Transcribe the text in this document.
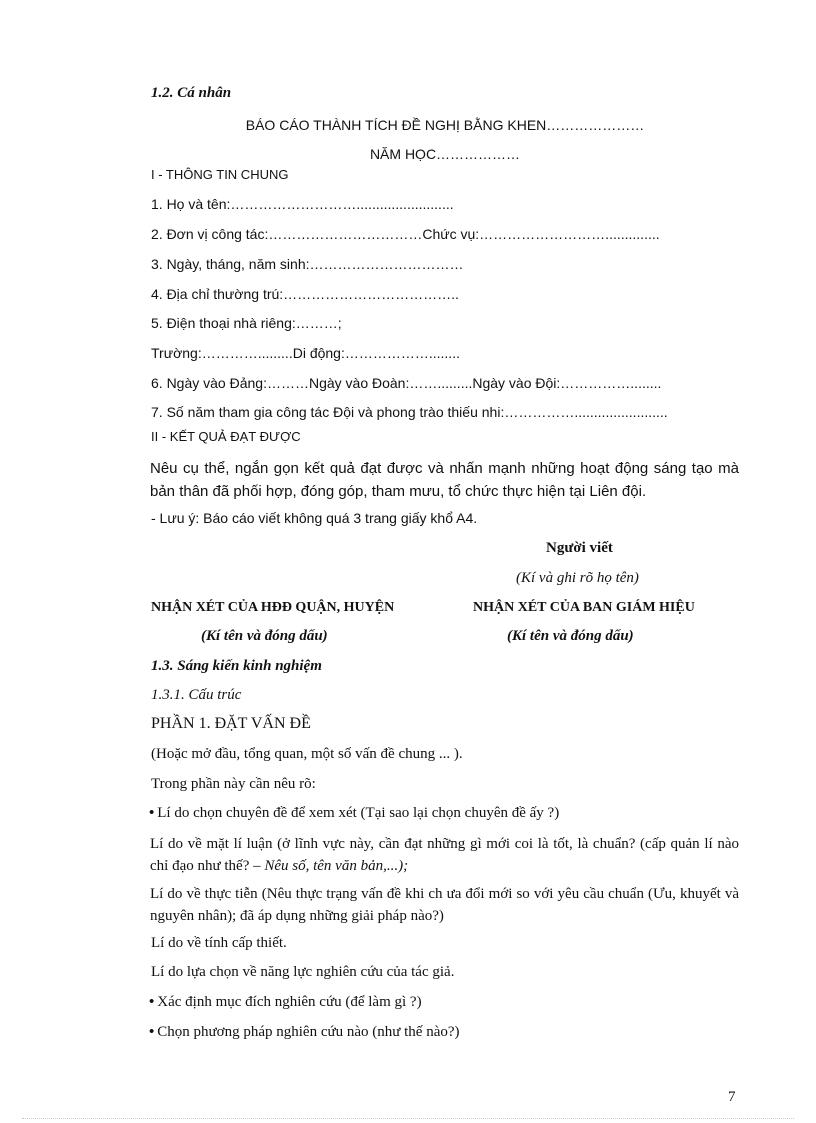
1.2. Cá nhân
BÁO CÁO THÀNH TÍCH ĐỀ NGHỊ BẰNG KHEN…………………
NĂM HỌC………………
I - THÔNG TIN CHUNG
1. Họ và tên:……………………….........................
2. Đơn vị công tác:……………………………Chức vụ:………………………..............
3. Ngày, tháng, năm sinh:……………………………
4. Địa chỉ thường trú:………………………………..
5. Điện thoại nhà riêng:………;
Trường:………….........Di động:………………........
6. Ngày vào Đảng:………Ngày vào Đoàn:…….........Ngày vào Đội:……………........
7. Số năm tham gia công tác Đội và phong trào thiếu nhi:……………........................
II - KẾT QUẢ ĐẠT ĐƯỢC
Nêu cụ thể, ngắn gọn kết quả đạt được và nhấn mạnh những hoạt động sáng tạo mà bản thân đã phối hợp, đóng góp, tham mưu, tổ chức thực hiện tại Liên đội.
- Lưu ý: Báo cáo viết không quá 3 trang giấy khổ A4.
Người viết
(Kí và ghi rõ họ tên)
NHẬN XÉT CỦA HĐĐ QUẬN, HUYỆN
(Kí tên và đóng dấu)
NHẬN XÉT CỦA BAN GIÁM HIỆU
(Kí tên và đóng dấu)
1.3. Sáng kiến kinh nghiệm
1.3.1. Cấu trúc
PHẦN 1. ĐẶT VẤN ĐỀ
(Hoặc mở đầu, tổng quan, một số vấn đề chung ... ).
Trong phần này cần nêu rõ:
• Lí do chọn chuyên đề để xem xét (Tại sao lại chọn chuyên đề ấy ?)
Lí do về mặt lí luận (ở lĩnh vực này, cần đạt những gì mới coi là tốt, là chuẩn? (cấp quản lí nào chỉ đạo như thế? – Nêu số, tên văn bản,...);
Lí do về thực tiễn (Nêu thực trạng vấn đề khi ch ưa đổi mới so với yêu cầu chuẩn (Ưu, khuyết và nguyên nhân); đã áp dụng những giải pháp nào?)
Lí do về tính cấp thiết.
Lí do lựa chọn về năng lực nghiên cứu của tác giả.
• Xác định mục đích nghiên cứu (để làm gì ?)
• Chọn phương pháp nghiên cứu nào (như thế nào?)
7
